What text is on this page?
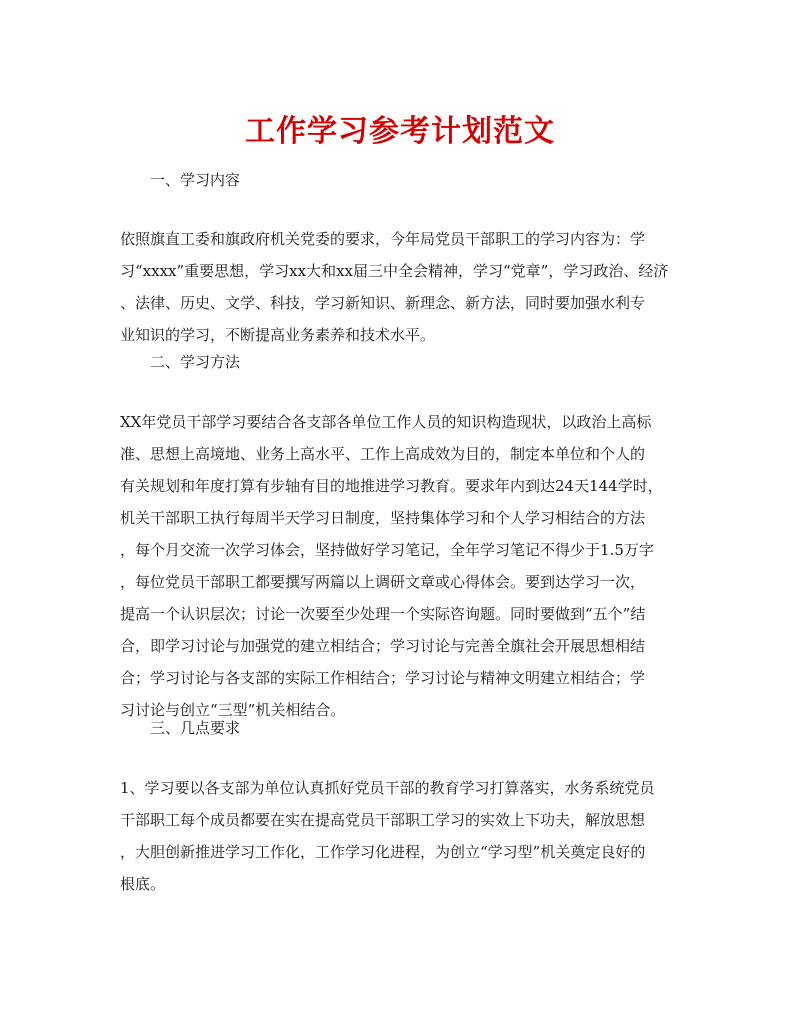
工作学习参考计划范文
一、学习内容
依照旗直工委和旗政府机关党委的要求，今年局党员干部职工的学习内容为：学
习“xxxx”重要思想，学习xx大和xx届三中全会精神，学习“党章”，学习政治、经济
、法律、历史、文学、科技，学习新知识、新理念、新方法，同时要加强水利专
业知识的学习，不断提高业务素养和技术水平。
二、学习方法
XX年党员干部学习要结合各支部各单位工作人员的知识构造现状，以政治上高标
准、思想上高境地、业务上高水平、工作上高成效为目的，制定本单位和个人的
有关规划和年度打算有步轴有目的地推进学习教育。要求年内到达24天144学时，
机关干部职工执行每周半天学习日制度，坚持集体学习和个人学习相结合的方法
，每个月交流一次学习体会，坚持做好学习笔记，全年学习笔记不得少于1.5万字
，每位党员干部职工都要撰写两篇以上调研文章或心得体会。要到达学习一次，
提高一个认识层次；讨论一次要至少处理一个实际咨询题。同时要做到“五个”结
合，即学习讨论与加强党的建立相结合；学习讨论与完善全旗社会开展思想相结
合；学习讨论与各支部的实际工作相结合；学习讨论与精神文明建立相结合；学
习讨论与创立“三型”机关相结合。
三、几点要求
1、学习要以各支部为单位认真抓好党员干部的教育学习打算落实，水务系统党员
干部职工每个成员都要在实在提高党员干部职工学习的实效上下功夫，解放思想
，大胆创新推进学习工作化，工作学习化进程，为创立“学习型”机关奠定良好的
根底。
